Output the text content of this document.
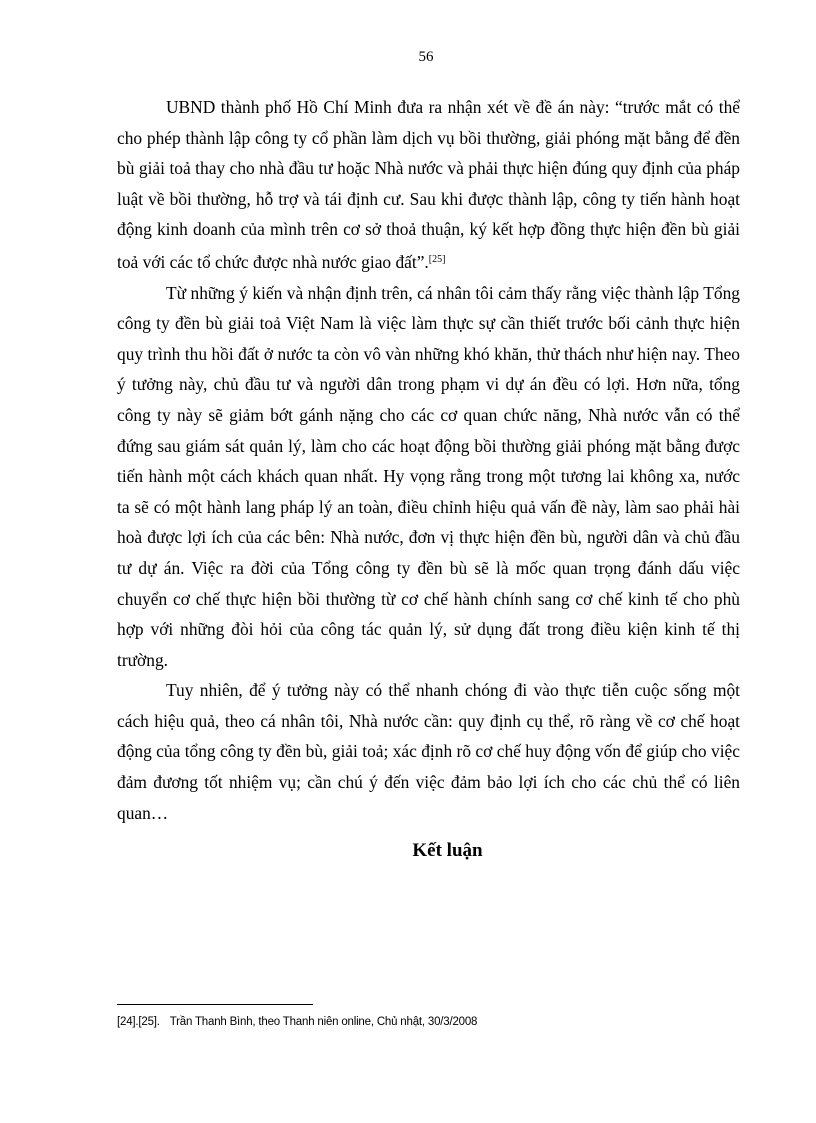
56

UBND thành phố Hồ Chí Minh đưa ra nhận xét về đề án này: “trước mắt có thể cho phép thành lập công ty cổ phần làm dịch vụ bồi thường, giải phóng mặt bằng để đền bù giải toả thay cho nhà đầu tư hoặc Nhà nước và phải thực hiện đúng quy định của pháp luật về bồi thường, hỗ trợ và tái định cư. Sau khi được thành lập, công ty tiến hành hoạt động kinh doanh của mình trên cơ sở thoả thuận, ký kết hợp đồng thực hiện đền bù giải toả với các tổ chức được nhà nước giao đất”.[25]

Từ những ý kiến và nhận định trên, cá nhân tôi cảm thấy rằng việc thành lập Tổng công ty đền bù giải toả Việt Nam là việc làm thực sự cần thiết trước bối cảnh thực hiện quy trình thu hồi đất ở nước ta còn vô vàn những khó khăn, thử thách như hiện nay. Theo ý tưởng này, chủ đầu tư và người dân trong phạm vi dự án đều có lợi. Hơn nữa, tổng công ty này sẽ giảm bớt gánh nặng cho các cơ quan chức năng, Nhà nước vẫn có thể đứng sau giám sát quản lý, làm cho các hoạt động bồi thường giải phóng mặt bằng được tiến hành một cách khách quan nhất. Hy vọng rằng trong một tương lai không xa, nước ta sẽ có một hành lang pháp lý an toàn, điều chỉnh hiệu quả vấn đề này, làm sao phải hài hoà được lợi ích của các bên: Nhà nước, đơn vị thực hiện đền bù, người dân và chủ đầu tư dự án. Việc ra đời của Tổng công ty đền bù sẽ là mốc quan trọng đánh dấu việc chuyển cơ chế thực hiện bồi thường từ cơ chế hành chính sang cơ chế kinh tế cho phù hợp với những đòi hỏi của công tác quản lý, sử dụng đất trong điều kiện kinh tế thị trường.

Tuy nhiên, để ý tưởng này có thể nhanh chóng đi vào thực tiễn cuộc sống một cách hiệu quả, theo cá nhân tôi, Nhà nước cần: quy định cụ thể, rõ ràng về cơ chế hoạt động của tổng công ty đền bù, giải toả; xác định rõ cơ chế huy động vốn để giúp cho việc đảm đương tốt nhiệm vụ; cần chú ý đến việc đảm bảo lợi ích cho các chủ thể có liên quan…

Kết luận
[24].[25]. Trần Thanh Bình, theo Thanh niên online, Chủ nhật, 30/3/2008
